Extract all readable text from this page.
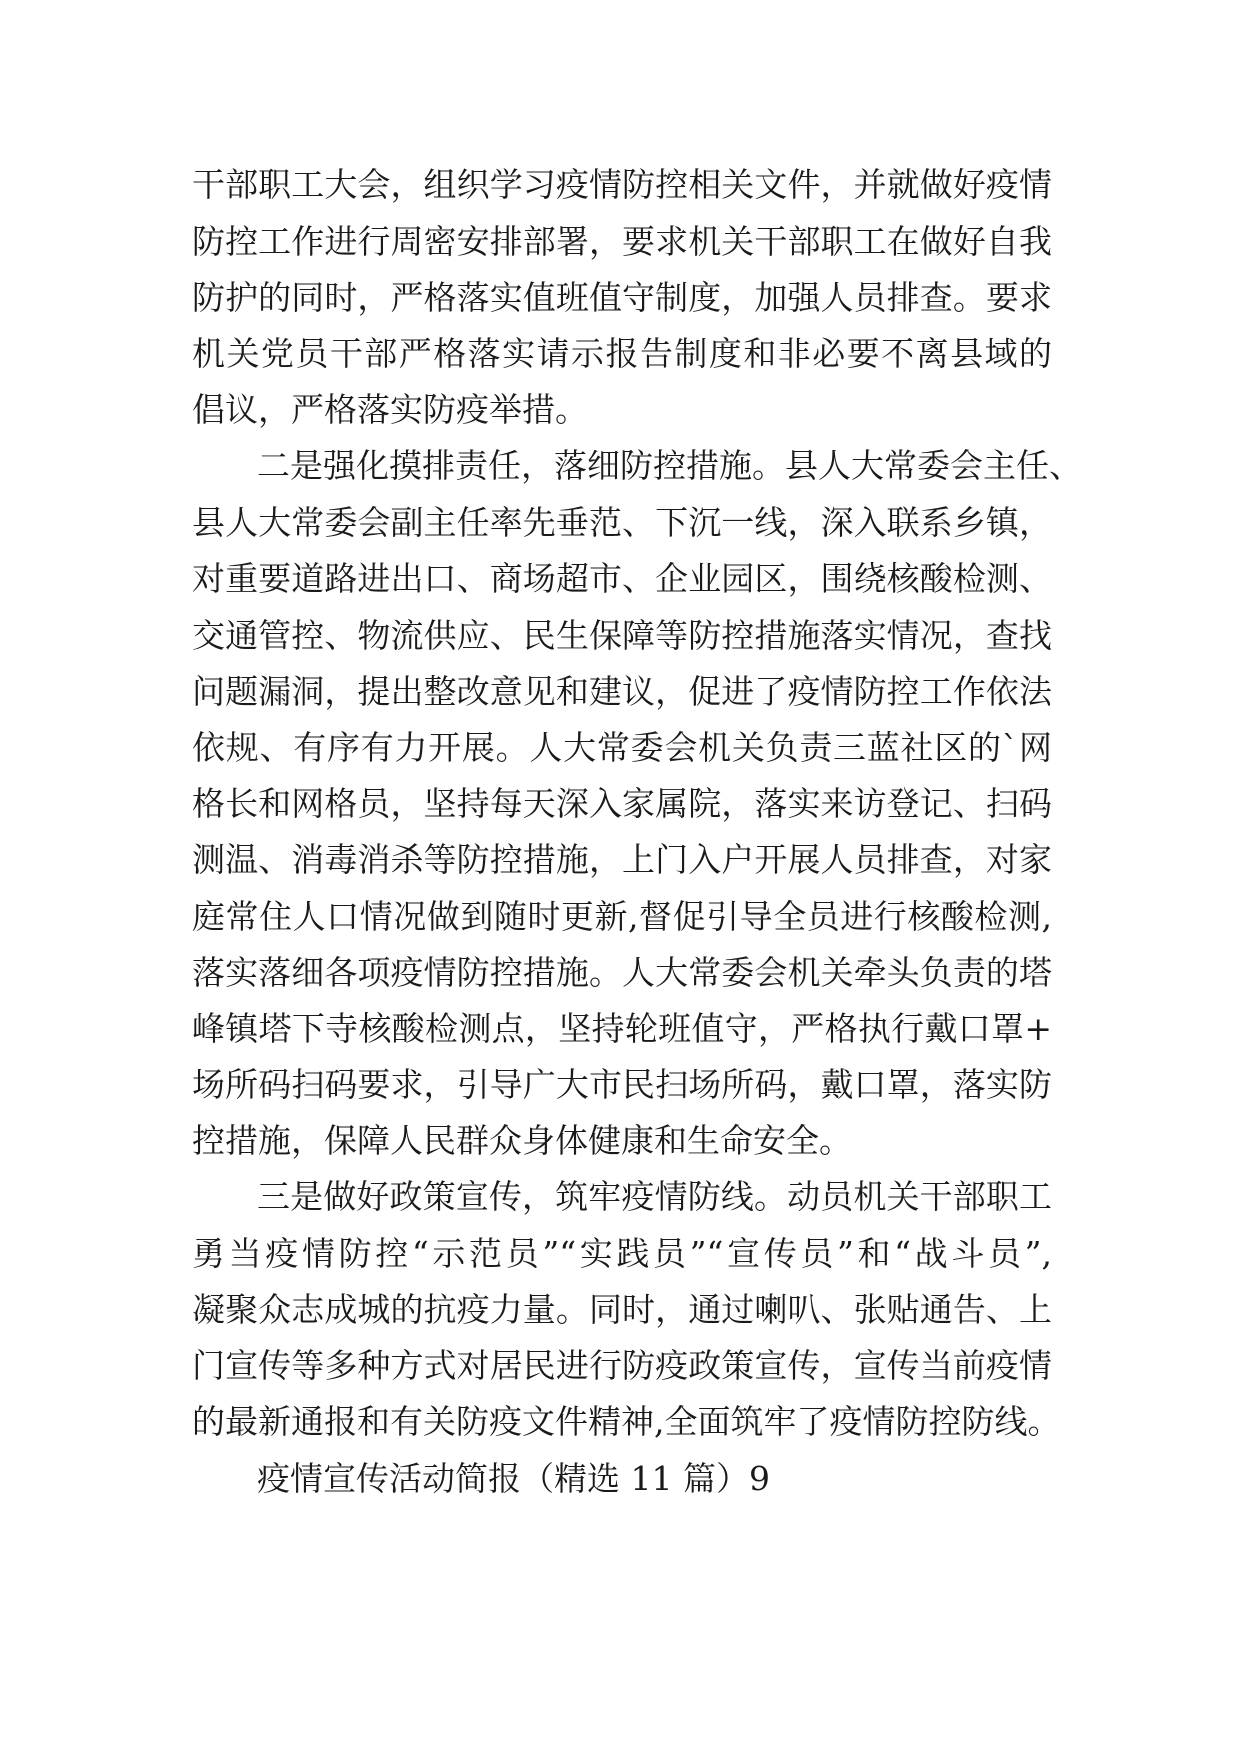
干部职工大会，组织学习疫情防控相关文件，并就做好疫情
防控工作进行周密安排部署，要求机关干部职工在做好自我
防护的同时，严格落实值班值守制度，加强人员排查。要求
机关党员干部严格落实请示报告制度和非必要不离县域的
倡议，严格落实防疫举措。
二是强化摸排责任，落细防控措施。县人大常委会主任、
县人大常委会副主任率先垂范、下沉一线，深入联系乡镇，
对重要道路进出口、商场超市、企业园区，围绕核酸检测、
交通管控、物流供应、民生保障等防控措施落实情况，查找
问题漏洞，提出整改意见和建议，促进了疫情防控工作依法
依规、有序有力开展。人大常委会机关负责三蓝社区的`网
格长和网格员，坚持每天深入家属院，落实来访登记、扫码
测温、消毒消杀等防控措施，上门入户开展人员排查，对家
庭常住人口情况做到随时更新,督促引导全员进行核酸检测,
落实落细各项疫情防控措施。人大常委会机关牵头负责的塔
峰镇塔下寺核酸检测点，坚持轮班值守，严格执行戴口罩+
场所码扫码要求，引导广大市民扫场所码，戴口罩，落实防
控措施，保障人民群众身体健康和生命安全。
三是做好政策宣传，筑牢疫情防线。动员机关干部职工
勇当疫情防控“示范员”“实践员”“宣传员”和“战斗员”,
凝聚众志成城的抗疫力量。同时，通过喇叭、张贴通告、上
门宣传等多种方式对居民进行防疫政策宣传，宣传当前疫情
的最新通报和有关防疫文件精神,全面筑牢了疫情防控防线。
疫情宣传活动简报（精选 11 篇）9
